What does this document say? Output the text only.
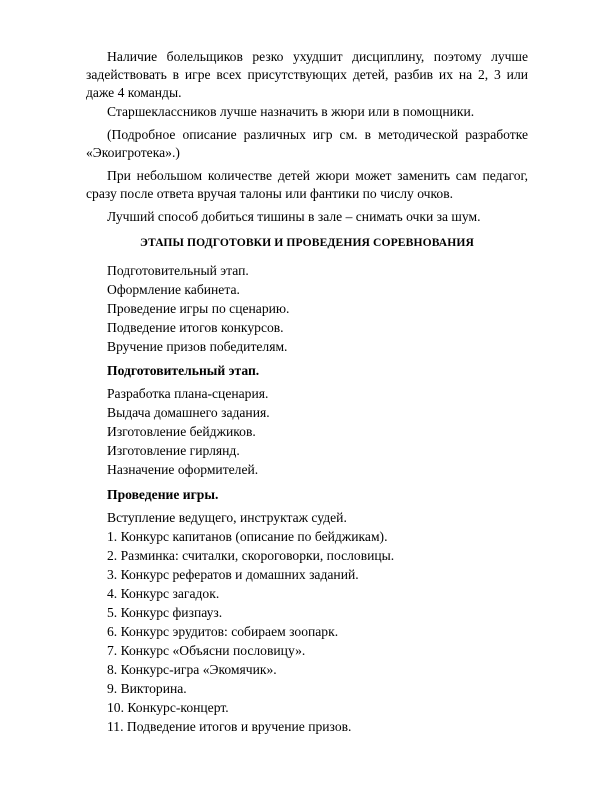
Наличие болельщиков резко ухудшит дисциплину, поэтому лучше задействовать в игре всех присутствующих детей, разбив их на 2, 3 или даже 4 команды.

Старшеклассников лучше назначить в жюри или в помощники.

(Подробное описание различных игр см. в методической разработке «Экоигротека».)

При небольшом количестве детей жюри может заменить сам педагог, сразу после ответа вручая талоны или фантики по числу очков.

Лучший способ добиться тишины в зале – снимать очки за шум.

ЭТАПЫ ПОДГОТОВКИ И ПРОВЕДЕНИЯ СОРЕВНОВАНИЯ

Подготовительный этап.

Оформление кабинета.

Проведение игры по сценарию.

Подведение итогов конкурсов.

Вручение призов победителям.

Подготовительный этап.

Разработка плана-сценария.

Выдача домашнего задания.

Изготовление бейджиков.

Изготовление гирлянд.

Назначение оформителей.

Проведение игры.

Вступление ведущего, инструктаж судей.

1. Конкурс капитанов (описание по бейджикам).

2. Разминка: считалки, скороговорки, пословицы.

3. Конкурс рефератов и домашних заданий.

4. Конкурс загадок.

5. Конкурс физпауз.

6. Конкурс эрудитов: собираем зоопарк.

7. Конкурс «Объясни пословицу».

8. Конкурс-игра «Экомячик».

9. Викторина.

10. Конкурс-концерт.

11. Подведение итогов и вручение призов.
